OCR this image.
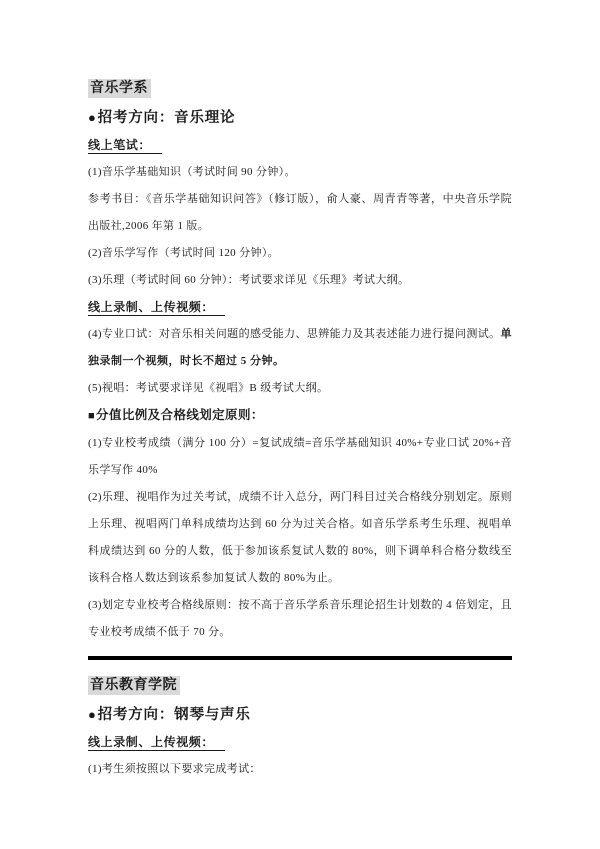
音乐学系
●招考方向：音乐理论
线上笔试：

(1)音乐学基础知识（考试时间 90 分钟）。

参考书目：《音乐学基础知识问答》（修订版），俞人豪、周青青等著，中央音乐学院出版社,2006 年第 1 版。

(2)音乐学写作（考试时间 120 分钟）。

(3)乐理（考试时间 60 分钟）：考试要求详见《乐理》考试大纲。

线上录制、上传视频：

(4)专业口试：对音乐相关问题的感受能力、思辨能力及其表述能力进行提问测试。单独录制一个视频，时长不超过 5 分钟。

(5)视唱：考试要求详见《视唱》B 级考试大纲。

■分值比例及合格线划定原则：

(1)专业校考成绩（满分 100 分）=复试成绩=音乐学基础知识 40%+专业口试 20%+音乐学写作 40%

(2)乐理、视唱作为过关考试，成绩不计入总分，两门科目过关合格线分别划定。原则上乐理、视唱两门单科成绩均达到 60 分为过关合格。如音乐学系考生乐理、视唱单科成绩达到 60 分的人数，低于参加该系复试人数的 80%，则下调单科合格分数线至该科合格人数达到该系参加复试人数的 80%为止。

(3)划定专业校考合格线原则：按不高于音乐学系音乐理论招生计划数的 4 倍划定，且专业校考成绩不低于 70 分。

音乐教育学院
●招考方向：钢琴与声乐
线上录制、上传视频：

(1)考生须按照以下要求完成考试：
